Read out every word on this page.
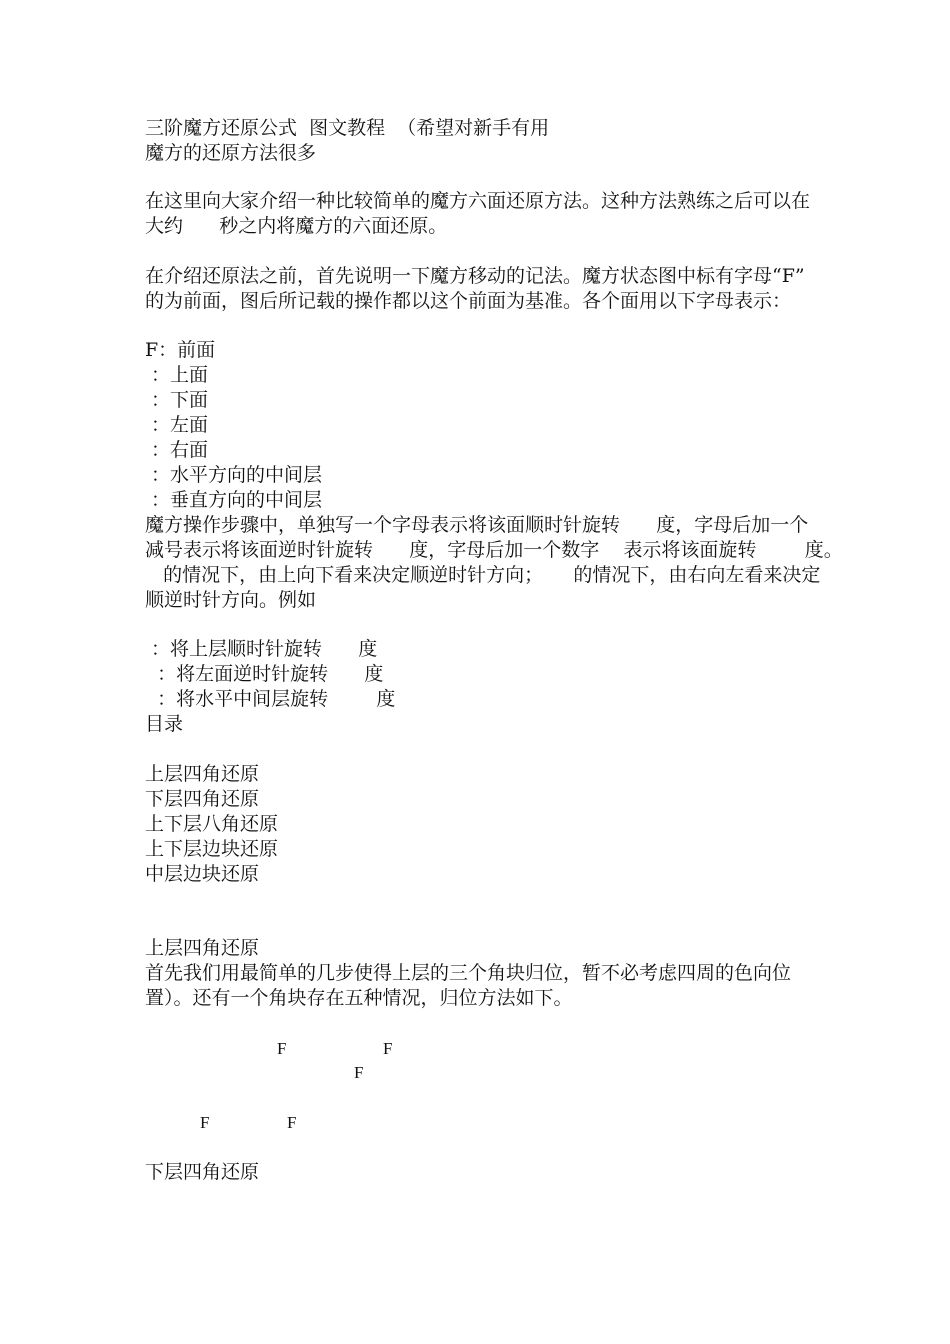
三阶魔方还原公式  图文教程  （希望对新手有用

魔方的还原方法很多

在这里向大家介绍一种比较简单的魔方六面还原方法。这种方法熟练之后可以在

大约      秒之内将魔方的六面还原。

在介绍还原法之前，首先说明一下魔方移动的记法。魔方状态图中标有字母“F”

的为前面，图后所记载的操作都以这个前面为基准。各个面用以下字母表示：

F：前面

：上面

：下面

：左面

：右面

：水平方向的中间层

：垂直方向的中间层

魔方操作步骤中，单独写一个字母表示将该面顺时针旋转      度，字母后加一个

减号表示将该面逆时针旋转      度，字母后加一个数字    表示将该面旋转        度。

的情况下，由上向下看来决定顺逆时针方向；     的情况下，由右向左看来决定

顺逆时针方向。例如

：将上层顺时针旋转      度

：将左面逆时针旋转      度

：将水平中间层旋转        度

目录

上层四角还原

下层四角还原

上下层八角还原

上下层边块还原

中层边块还原

上层四角还原

首先我们用最简单的几步使得上层的三个角块归位，暂不必考虑四周的色向位

置）。还有一个角块存在五种情况，归位方法如下。

F	F
F
F	F

下层四角还原
